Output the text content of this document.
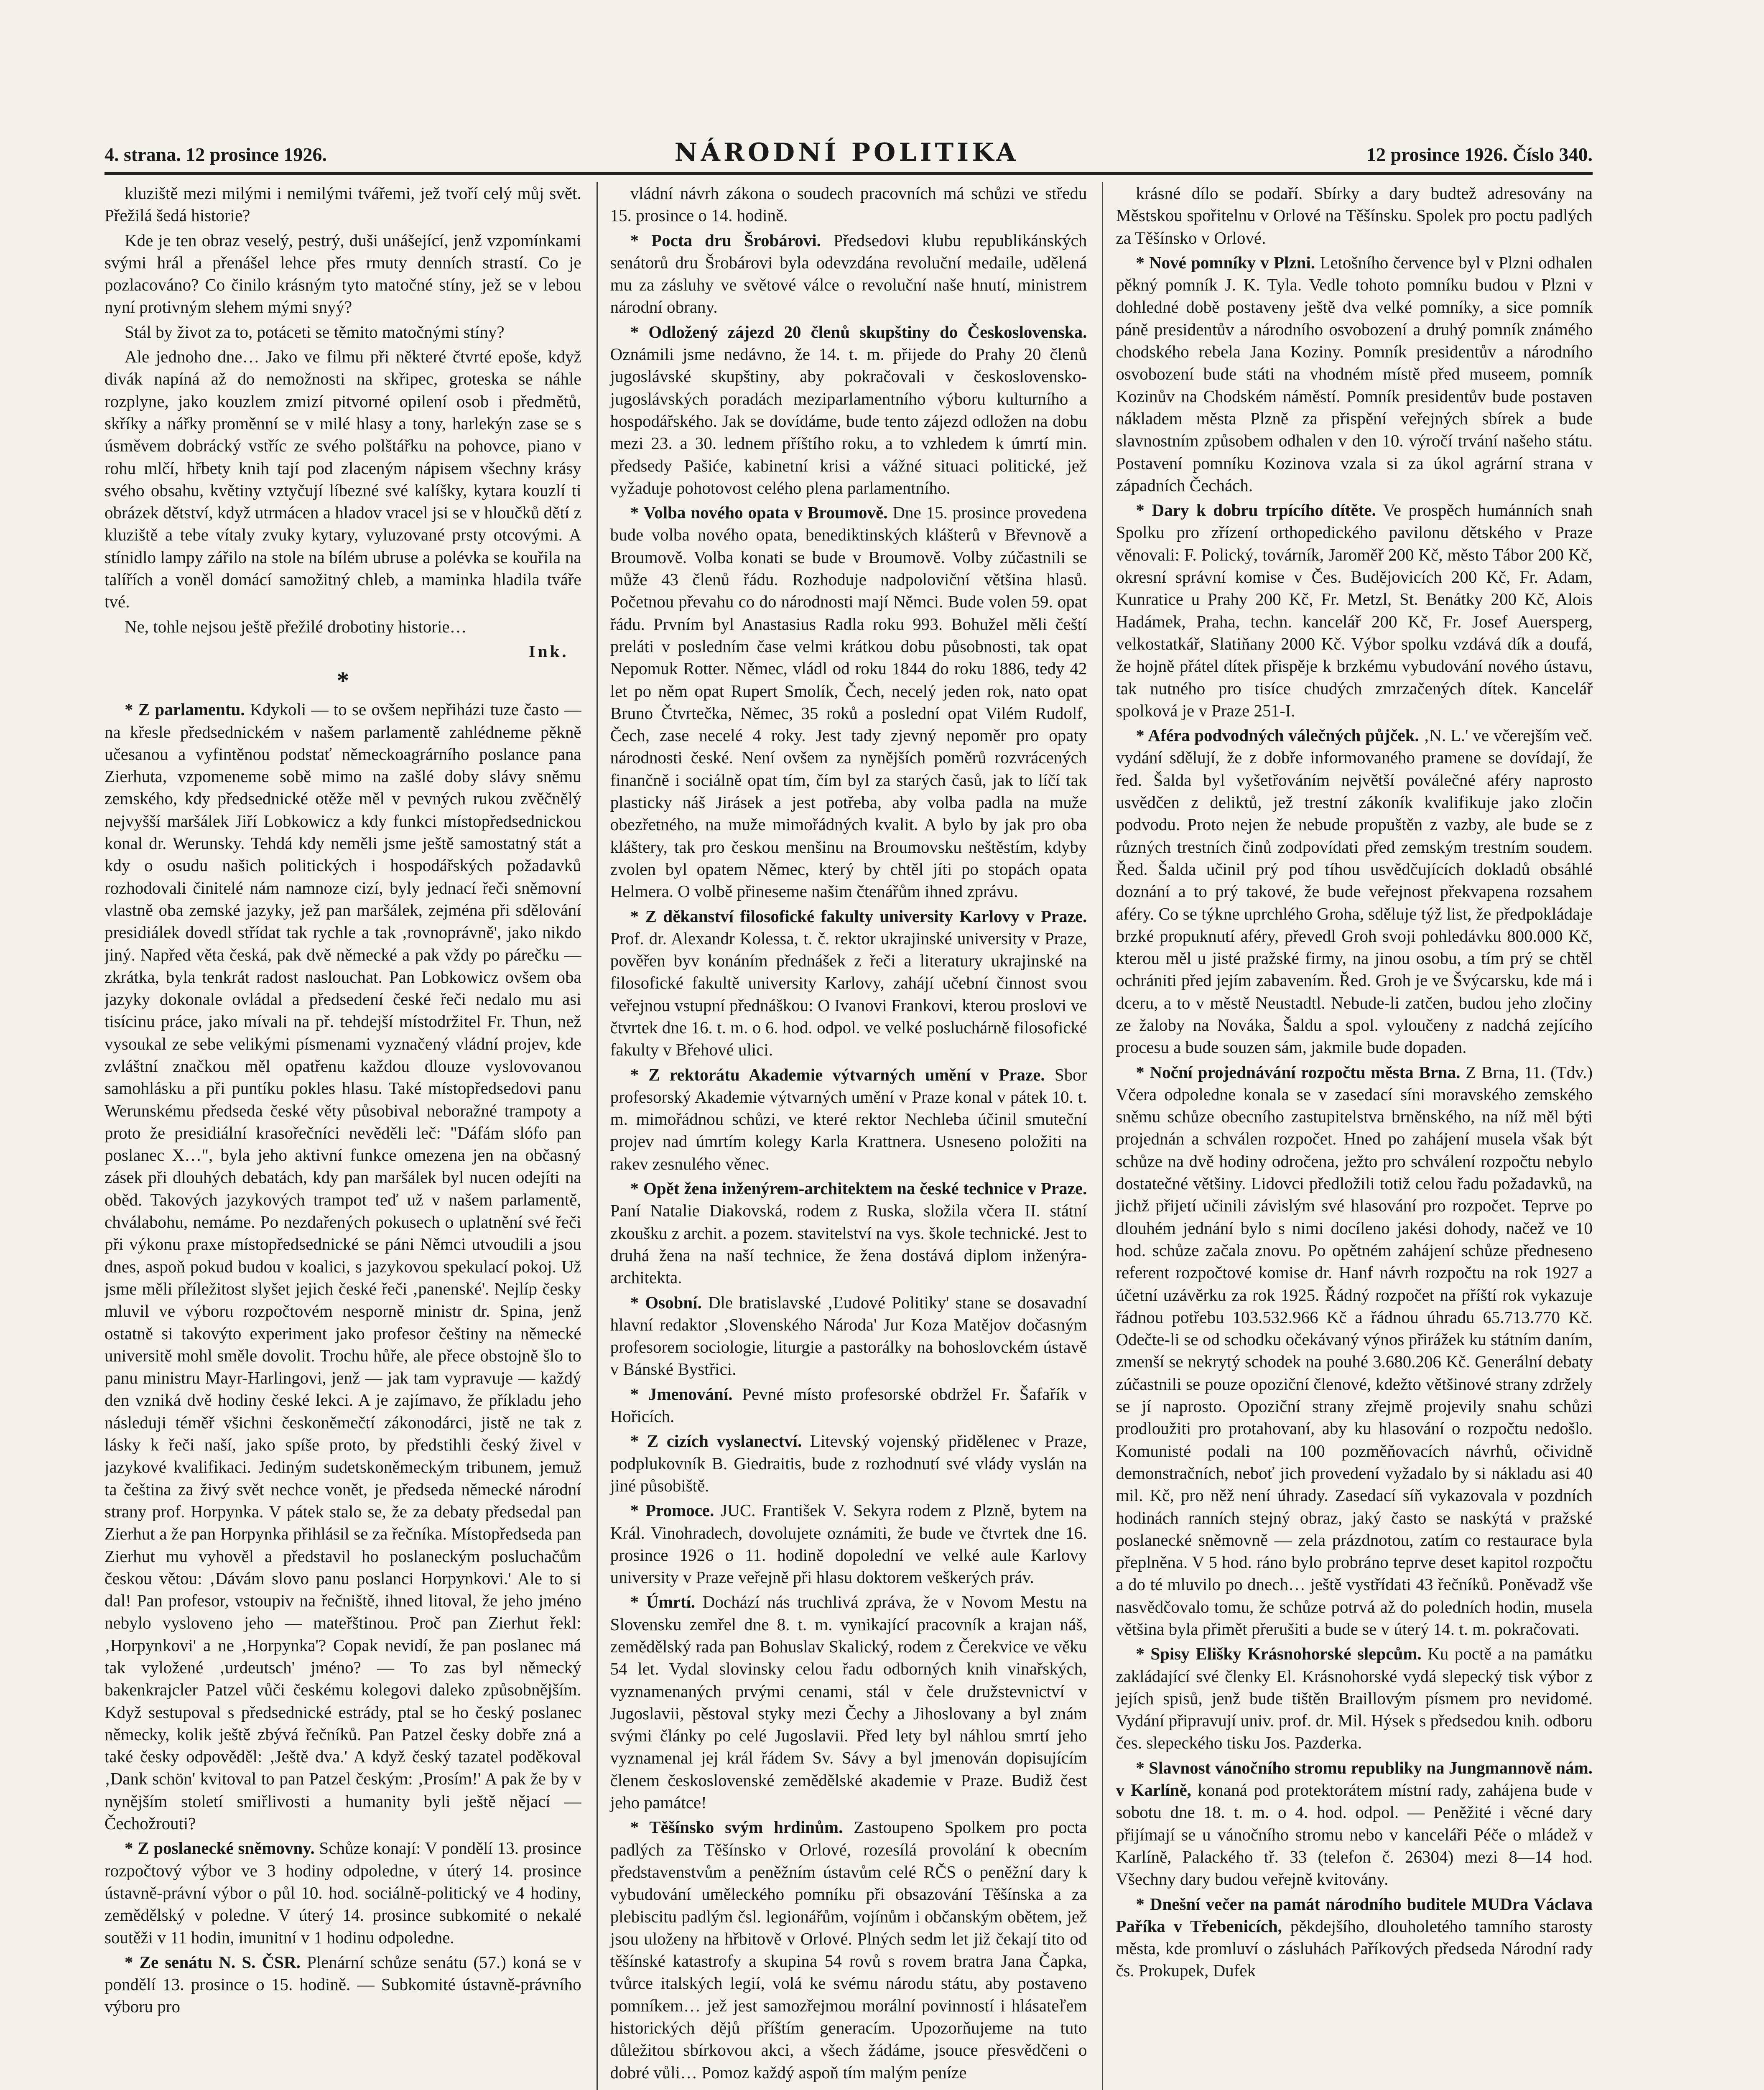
4. strana. 12 prosince 1926.	NÁRODNÍ POLITIKA	12 prosince 1926. Číslo 340.

kluziště mezi milými i nemilými tvářemi, jež tvoří celý můj svět. Přežilá šedá historie?

Kde je ten obraz veselý, pestrý, duši unášející, jenž vzpomínkami svými hrál a přenášel lehce přes rmuty denních strastí. Co je pozlacováno? Co činilo krásným tyto matočné stíny, jež se v lebou nyní protivným slehem mými snyý?

Stál by život za to, potáceti se těmito matočnými stíny?

Ale jednoho dne… Jako ve filmu při některé čtvrté epoše, když divák napíná až do nemožnosti na skřipec, groteska se náhle rozplyne, jako kouzlem zmizí pitvorné opilení osob i předmětů, skříky a nářky proměnní se v milé hlasy a tony, harlekýn zase se s úsměvem dobrácký vstříc ze svého polštářku na pohovce, piano v rohu mlčí, hřbety knih tají pod zlaceným nápisem všechny krásy svého obsahu, květiny vztyčují líbezné své kalíšky, kytara kouzlí ti obrázek dětství, když utrmácen a hladov vracel jsi se v hloučků dětí z kluziště a tebe vítaly zvuky kytary, vyluzované prsty otcovými. A stínidlo lampy zářilo na stole na bílém ubruse a polévka se kouřila na talířích a voněl domácí samožitný chleb, a maminka hladila tváře tvé.

Ne, tohle nejsou ještě přežilé drobotiny historie…

Ink.
*

* Z parlamentu. Kdykoli — to se ovšem nepřiházi tuze často — na křesle předsednickém v našem parlamentě zahlédneme pěkně učesanou a vyfintěnou podstať německoagrárního poslance pana Zierhuta, vzpomeneme sobě mimo na zašlé doby slávy sněmu zemského, kdy předsednické otěže měl v pevných rukou zvěčnělý nejvyšší maršálek Jiří Lobkowicz a kdy funkci místopředsednickou konal dr. Werunsky. Tehdá kdy neměli jsme ještě samostatný stát a kdy o osudu našich politických i hospodářských požadavků rozhodovali činitelé nám namnoze cizí, byly jednací řeči sněmovní vlastně oba zemské jazyky, jež pan maršálek, zejména při sdělování presidiálek dovedl střídat tak rychle a tak ‚rovnoprávně', jako nikdo jiný. Napřed věta česká, pak dvě německé a pak vždy po párečku — zkrátka, byla tenkrát radost naslouchat. Pan Lobkowicz ovšem oba jazyky dokonale ovládal a předsedení české řeči nedalo mu asi tisícinu práce, jako mívali na př. tehdejší místodržitel Fr. Thun, než vysoukal ze sebe velikými písmenami vyznačený vládní projev, kde zvláštní značkou měl opatřenu každou dlouze vyslovovanou samohlásku a při puntíku pokles hlasu. Také místopředsedovi panu Werunskému předseda české věty působival neboražné trampoty a proto že presidiální krasořečníci nevěděli leč: "Dáfám slófo pan poslanec X…", byla jeho aktivní funkce omezena jen na občasný zásek při dlouhých debatách, kdy pan maršálek byl nucen odejíti na oběd. Takových jazykových trampot teď už v našem parlamentě, chválabohu, nemáme. Po nezdařených pokusech o uplatnění své řeči při výkonu praxe místopředsednické se páni Němci utvoudili a jsou dnes, aspoň pokud budou v koalici, s jazykovou spekulací pokoj. Už jsme měli příležitost slyšet jejich české řeči ‚panenské'. Nejlíp česky mluvil ve výboru rozpočtovém nesporně ministr dr. Spina, jenž ostatně si takovýto experiment jako profesor češtiny na německé universitě mohl směle dovolit. Trochu hůře, ale přece obstojně šlo to panu ministru Mayr-Harlingovi, jenž — jak tam vypravuje — každý den vzniká dvě hodiny české lekci. A je zajímavo, že příkladu jeho následuji téměř všichni českoněmečtí zákonodárci, jistě ne tak z lásky k řeči naší, jako spíše proto, by předstihli český živel v jazykové kvalifikaci. Jediným sudetskoněmeckým tribunem, jemuž ta čeština za živý svět nechce vonět, je předseda německé národní strany prof. Horpynka. V pátek stalo se, že za debaty předsedal pan Zierhut a že pan Horpynka přihlásil se za řečníka. Místopředseda pan Zierhut mu vyhověl a představil ho poslaneckým posluchačům českou větou: ‚Dávám slovo panu poslanci Horpynkovi.' Ale to si dal! Pan profesor, vstoupiv na řečniště, ihned litoval, že jeho jméno nebylo vysloveno jeho — mateřštinou. Proč pan Zierhut řekl: ‚Horpynkovi' a ne ‚Horpynka'? Copak nevidí, že pan poslanec má tak vyložené ‚urdeutsch' jméno? — To zas byl německý bakenkrajcler Patzel vůči českému kolegovi daleko způsobnějším. Když sestupoval s předsednické estrády, ptal se ho český poslanec německy, kolik ještě zbývá řečníků. Pan Patzel česky dobře zná a také česky odpověděl: ‚Ještě dva.' A když český tazatel poděkoval ‚Dank schön' kvitoval to pan Patzel českým: ‚Prosím!' A pak že by v nynějším století smiřlivosti a humanity byli ještě nějací — Čechožrouti?

* Z poslanecké sněmovny. Schůze konají: V pondělí 13. prosince rozpočtový výbor ve 3 hodiny odpoledne, v úterý 14. prosince ústavně-právní výbor o půl 10. hod. sociálně-politický ve 4 hodiny, zemědělský v poledne. V úterý 14. prosince subkomité o nekalé soutěži v 11 hodin, imunitní v 1 hodinu odpoledne.

* Ze senátu N. S. ČSR. Plenární schůze senátu (57.) koná se v pondělí 13. prosince o 15. hodině. — Subkomité ústavně-právního výboru pro

vládní návrh zákona o soudech pracovních má schůzi ve středu 15. prosince o 14. hodině.

* Pocta dru Šrobárovi. Předsedovi klubu republikánských senátorů dru Šrobárovi byla odevzdána revoluční medaile, udělená mu za zásluhy ve světové válce o revoluční naše hnutí, ministrem národní obrany.

* Odložený zájezd 20 členů skupštiny do Československa. Oznámili jsme nedávno, že 14. t. m. přijede do Prahy 20 členů jugoslávské skupštiny, aby pokračovali v československo-jugoslávských poradách meziparlamentního výboru kulturního a hospodářského. Jak se dovídáme, bude tento zájezd odložen na dobu mezi 23. a 30. lednem příštího roku, a to vzhledem k úmrtí min. předsedy Pašiće, kabinetní krisi a vážné situaci politické, jež vyžaduje pohotovost celého plena parlamentního.

* Volba nového opata v Broumově. Dne 15. prosince provedena bude volba nového opata, benediktinských klášterů v Břevnově a Broumově. Volba konati se bude v Broumově. Volby zúčastnili se může 43 členů řádu. Rozhoduje nadpoloviční většina hlasů. Početnou převahu co do národnosti mají Němci. Bude volen 59. opat řádu. Prvním byl Anastasius Radla roku 993. Bohužel měli čeští preláti v posledním čase velmi krátkou dobu působnosti, tak opat Nepomuk Rotter. Němec, vládl od roku 1844 do roku 1886, tedy 42 let po něm opat Rupert Smolík, Čech, necelý jeden rok, nato opat Bruno Čtvrtečka, Němec, 35 roků a poslední opat Vilém Rudolf, Čech, zase necelé 4 roky. Jest tady zjevný nepoměr pro opaty národnosti české. Není ovšem za nynějších poměrů rozvrácených finančně i sociálně opat tím, čím byl za starých časů, jak to líčí tak plasticky náš Jirásek a jest potřeba, aby volba padla na muže obezřetného, na muže mimořádných kvalit. A bylo by jak pro oba kláštery, tak pro českou menšinu na Broumovsku neštěstím, kdyby zvolen byl opatem Němec, který by chtěl jíti po stopách opata Helmera. O volbě přineseme našim čtenářům ihned zprávu.

* Z děkanství filosofické fakulty university Karlovy v Praze. Prof. dr. Alexandr Kolessa, t. č. rektor ukrajinské university v Praze, pověřen byv konáním přednášek z řeči a literatury ukrajinské na filosofické fakultě university Karlovy, zahájí učební činnost svou veřejnou vstupní přednáškou: O Ivanovi Frankovi, kterou proslovi ve čtvrtek dne 16. t. m. o 6. hod. odpol. ve velké posluchárně filosofické fakulty v Břehové ulici.

* Z rektorátu Akademie výtvarných umění v Praze. Sbor profesorský Akademie výtvarných umění v Praze konal v pátek 10. t. m. mimořádnou schůzi, ve které rektor Nechleba účinil smuteční projev nad úmrtím kolegy Karla Krattnera. Usneseno položiti na rakev zesnulého věnec.

* Opět žena inženýrem-architektem na české technice v Praze. Paní Natalie Diakovská, rodem z Ruska, složila včera II. státní zkoušku z archit. a pozem. stavitelství na vys. škole technické. Jest to druhá žena na naší technice, že žena dostává diplom inženýra-architekta.

* Osobní. Dle bratislavské ‚Ľudové Politiky' stane se dosavadní hlavní redaktor ‚Slovenského Národa' Jur Koza Matějov dočasným profesorem sociologie, liturgie a pastorálky na bohoslovckém ústavě v Bánské Bystřici.

* Jmenování. Pevné místo profesorské obdržel Fr. Šafařík v Hořicích.

* Z cizích vyslanectví. Litevský vojenský přidělenec v Praze, podplukovník B. Giedraitis, bude z rozhodnutí své vlády vyslán na jiné působiště.

* Promoce. JUC. František V. Sekyra rodem z Plzně, bytem na Král. Vinohradech, dovolujete oznámiti, že bude ve čtvrtek dne 16. prosince 1926 o 11. hodině dopolední ve velké aule Karlovy university v Praze veřejně při hlasu doktorem veškerých práv.

* Úmrtí. Dochází nás truchlivá zpráva, že v Novom Mestu na Slovensku zemřel dne 8. t. m. vynikající pracovník a krajan náš, zemědělský rada pan Bohuslav Skalický, rodem z Čerekvice ve věku 54 let. Vydal slovinsky celou řadu odborných knih vinařských, vyznamenaných prvými cenami, stál v čele družstevnictví v Jugoslavii, pěstoval styky mezi Čechy a Jihoslovany a byl znám svými články po celé Jugoslavii. Před lety byl náhlou smrtí jeho vyznamenal jej král řádem Sv. Sávy a byl jmenován dopisujícím členem československé zemědělské akademie v Praze. Budiž čest jeho památce!

* Těšínsko svým hrdinům. Zastoupeno Spolkem pro pocta padlých za Těšínsko v Orlové, rozesílá provolání k obecním představenstvům a peněžním ústavům celé RČS o peněžní dary k vybudování uměleckého pomníku při obsazování Těšínska a za plebiscitu padlým čsl. legionářům, vojínům i občanským obětem, jež jsou uloženy na hřbitově v Orlové. Plných sedm let již čekají tito od těšínské katastrofy a skupina 54 rovů s rovem bratra Jana Čapka, tvůrce italských legií, volá ke svému národu státu, aby postaveno pomníkem… jež jest samozřejmou morální povinností i hlásateľem historických dějů příštím generacím. Upozorňujeme na tuto důležitou sbírkovou akci, a všech žádáme, jsouce přesvědčeni o dobré vůli… Pomoz každý aspoň tím malým peníze

krásné dílo se podaří. Sbírky a dary budtež adresovány na Městskou spořitelnu v Orlové na Těšínsku. Spolek pro poctu padlých za Těšínsko v Orlové.

* Nové pomníky v Plzni. Letošního července byl v Plzni odhalen pěkný pomník J. K. Tyla. Vedle tohoto pomníku budou v Plzni v dohledné době postaveny ještě dva velké pomníky, a sice pomník páně presidentův a národního osvobození a druhý pomník známého chodského rebela Jana Koziny. Pomník presidentův a národního osvobození bude státi na vhodném místě před museem, pomník Kozinův na Chodském náměstí. Pomník presidentův bude postaven nákladem města Plzně za přispění veřejných sbírek a bude slavnostním způsobem odhalen v den 10. výročí trvání našeho státu. Postavení pomníku Kozinova vzala si za úkol agrární strana v západních Čechách.

* Dary k dobru trpícího dítěte. Ve prospěch humánních snah Spolku pro zřízení orthopedického pavilonu dětského v Praze věnovali: F. Polický, továrník, Jaroměř 200 Kč, město Tábor 200 Kč, okresní správní komise v Čes. Budějovicích 200 Kč, Fr. Adam, Kunratice u Prahy 200 Kč, Fr. Metzl, St. Benátky 200 Kč, Alois Hadámek, Praha, techn. kancelář 200 Kč, Fr. Josef Auersperg, velkostatkář, Slatiňany 2000 Kč. Výbor spolku vzdává dík a doufá, že hojně přátel dítek přispěje k brzkému vybudování nového ústavu, tak nutného pro tisíce chudých zmrzačených dítek. Kancelář spolková je v Praze 251-I.

* Aféra podvodných válečných půjček. ‚N. L.' ve včerejším več. vydání sdělují, že z dobře informovaného pramene se dovídají, že řed. Šalda byl vyšetřováním největší poválečné aféry naprosto usvědčen z deliktů, jež trestní zákoník kvalifikuje jako zločin podvodu. Proto nejen že nebude propuštěn z vazby, ale bude se z různých trestních činů zodpovídati před zemským trestním soudem. Řed. Šalda učinil prý pod tíhou usvědčujících dokladů obsáhlé doznání a to prý takové, že bude veřejnost překvapena rozsahem aféry. Co se týkne uprchlého Groha, sděluje týž list, že předpokládaje brzké propuknutí aféry, převedl Groh svoji pohledávku 800.000 Kč, kterou měl u jisté pražské firmy, na jinou osobu, a tím prý se chtěl ochrániti před jejím zabavením. Řed. Groh je ve Švýcarsku, kde má i dceru, a to v městě Neustadtl. Nebude-li zatčen, budou jeho zločiny ze žaloby na Nováka, Šaldu a spol. vyloučeny z nadchá zejícího procesu a bude souzen sám, jakmile bude dopaden.

* Noční projednávání rozpočtu města Brna. Z Brna, 11. (Tdv.) Včera odpoledne konala se v zasedací síni moravského zemského sněmu schůze obecního zastupitelstva brněnského, na níž měl býti projednán a schválen rozpočet. Hned po zahájení musela však být schůze na dvě hodiny odročena, ježto pro schválení rozpočtu nebylo dostatečné většiny. Lidovci předložili totiž celou řadu požadavků, na jichž přijetí učinili závislým své hlasování pro rozpočet. Teprve po dlouhém jednání bylo s nimi docíleno jakési dohody, načež ve 10 hod. schůze začala znovu. Po opětném zahájení schůze předneseno referent rozpočtové komise dr. Hanf návrh rozpočtu na rok 1927 a účetní uzávěrku za rok 1925. Řádný rozpočet na příští rok vykazuje řádnou potřebu 103.532.966 Kč a řádnou úhradu 65.713.770 Kč. Odečte-li se od schodku očekávaný výnos přirážek ku státním daním, zmenší se nekrytý schodek na pouhé 3.680.206 Kč. Generální debaty zúčastnili se pouze opoziční členové, kdežto většinové strany zdržely se jí naprosto. Opoziční strany zřejmě projevily snahu schůzi prodloužiti pro protahovaní, aby ku hlasování o rozpočtu nedošlo. Komunisté podali na 100 pozměňovacích návrhů, očividně demonstračních, neboť jich provedení vyžadalo by si nákladu asi 40 mil. Kč, pro něž není úhrady. Zasedací síň vykazovala v pozdních hodinách ranních stejný obraz, jaký často se naskýtá v pražské poslanecké sněmovně — zela prázdnotou, zatím co restaurace byla přeplněna. V 5 hod. ráno bylo probráno teprve deset kapitol rozpočtu a do té mluvilo po dnech… ještě vystřídati 43 řečníků. Poněvadž vše nasvědčovalo tomu, že schůze potrvá až do poledních hodin, musela většina byla přimět přerušiti a bude se v úterý 14. t. m. pokračovati.

* Spisy Elišky Krásnohorské slepcům. Ku poctě a na památku zakládající své členky El. Krásnohorské vydá slepecký tisk výbor z jejích spisů, jenž bude tištěn Braillovým písmem pro nevidomé. Vydání připravují univ. prof. dr. Mil. Hýsek s předsedou knih. odboru čes. slepeckého tisku Jos. Pazderka.

* Slavnost vánočního stromu republiky na Jungmannově nám. v Karlíně, konaná pod protektorátem místní rady, zahájena bude v sobotu dne 18. t. m. o 4. hod. odpol. — Peněžité i věcné dary přijímají se u vánočního stromu nebo v kanceláři Péče o mládež v Karlíně, Palackého tř. 33 (telefon č. 26304) mezi 8—14 hod. Všechny dary budou veřejně kvitovány.

* Dnešní večer na památ národního buditele MUDra Václava Paříka v Třebenicích, pěkdejšího, dlouholetého tamního starosty města, kde promluví o zásluhách Paříkových předseda Národní rady čs. Prokupek, Dufek
